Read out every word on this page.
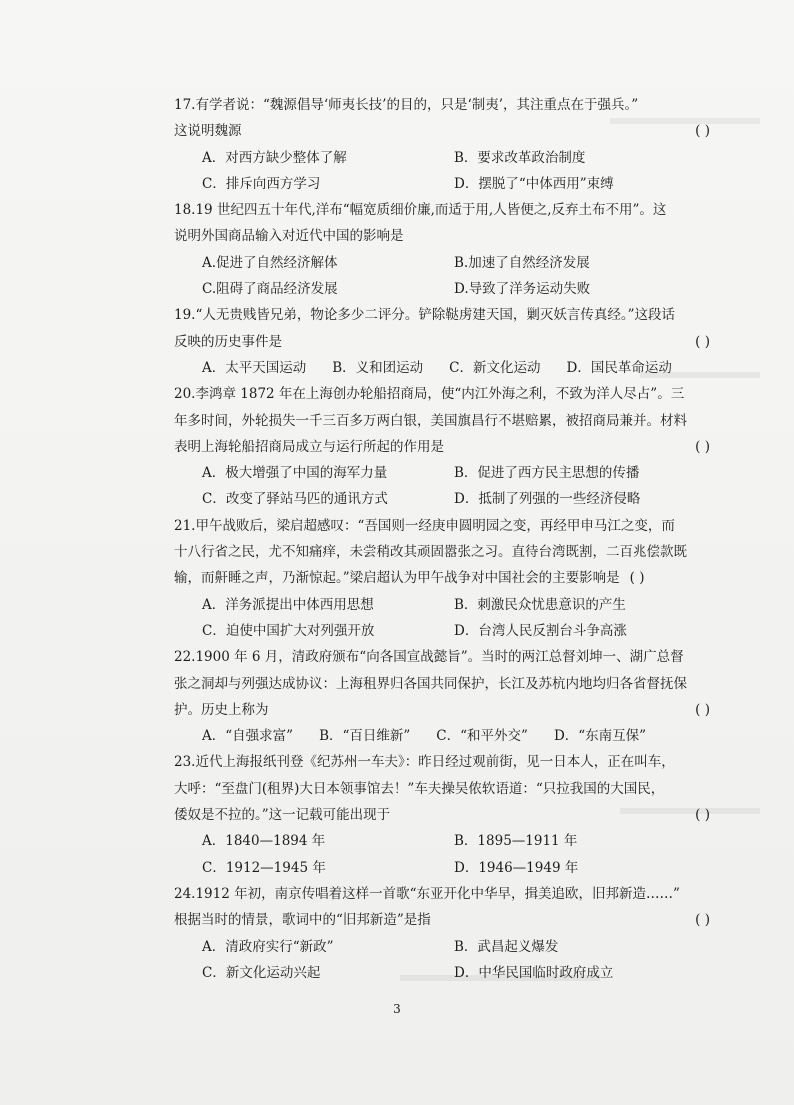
17.有学者说：“魏源倡导‘师夷长技’的目的，只是‘制夷’，其注重点在于强兵。”
这说明魏源	( )
A．对西方缺少整体了解	B．要求改革政治制度
C．排斥向西方学习	D．摆脱了“中体西用”束缚
18.19 世纪四五十年代,洋布“幅宽质细价廉,而适于用,人皆便之,反弃土布不用”。这
说明外国商品输入对近代中国的影响是
A.促进了自然经济解体	B.加速了自然经济发展
C.阻碍了商品经济发展	D.导致了洋务运动失败
19.“人无贵贱皆兄弟，物论多少二评分。铲除鞑虏建天国，剿灭妖言传真经。”这段话
反映的历史事件是	( )
A．太平天国运动 B．义和团运动 C．新文化运动 D．国民革命运动
20.李鸿章 1872 年在上海创办轮船招商局，使“内江外海之利，不致为洋人尽占”。三
年多时间，外轮损失一千三百多万两白银，美国旗昌行不堪赔累，被招商局兼并。材料
表明上海轮船招商局成立与运行所起的作用是	( )
A．极大增强了中国的海军力量	B．促进了西方民主思想的传播
C．改变了驿站马匹的通讯方式	D．抵制了列强的一些经济侵略
21.甲午战败后，梁启超感叹：“吾国则一经庚申圆明园之变，再经甲申马江之变，而
十八行省之民，尤不知痛痒，未尝稍改其顽固嚣张之习。直待台湾既割，二百兆偿款既
输，而鼾睡之声，乃渐惊起。”梁启超认为甲午战争对中国社会的主要影响是 ( )
A．洋务派提出中体西用思想	B．刺激民众忧患意识的产生
C．迫使中国扩大对列强开放	D．台湾人民反割台斗争高涨
22.1900 年 6 月，清政府颁布“向各国宣战懿旨”。当时的两江总督刘坤一、湖广总督
张之洞却与列强达成协议：上海租界归各国共同保护，长江及苏杭内地均归各省督抚保
护。历史上称为	( )
A．“自强求富” B．“百日维新” C．“和平外交” D．“东南互保”
23.近代上海报纸刊登《纪苏州一车夫》：昨日经过观前街，见一日本人，正在叫车，
大呼：“至盘门(租界)大日本领事馆去！”车夫操吴侬软语道：“只拉我国的大国民，
倭奴是不拉的。”这一记载可能出现于	( )
A．1840—1894 年	B．1895—1911 年
C．1912—1945 年	D．1946—1949 年
24.1912 年初，南京传唱着这样一首歌“东亚开化中华早，揖美追欧，旧邦新造……”
根据当时的情景，歌词中的“旧邦新造”是指	( )
A．清政府实行“新政”	B．武昌起义爆发
C．新文化运动兴起	D．中华民国临时政府成立
3
